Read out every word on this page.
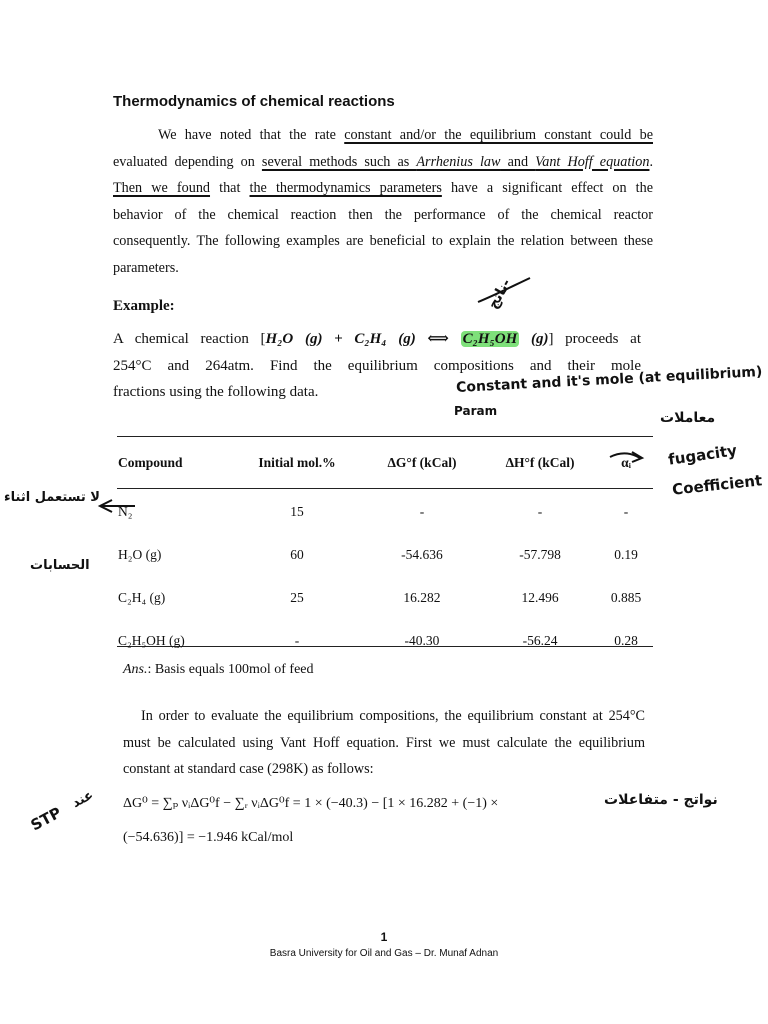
Thermodynamics of chemical reactions
We have noted that the rate constant and/or the equilibrium constant could be
evaluated depending on several methods such as Arrhenius law and Vant Hoff equation.
Then we found that the thermodynamics parameters have a significant effect on the
behavior of the chemical reaction then the performance of the chemical reactor
consequently. The following examples are beneficial to explain the relation between these
parameters.
Example:
A chemical reaction [H₂O (g) + C₂H₄ (g) ⟺ C₂H₅OH (g)] proceeds at
254°C and 264atm. Find the equilibrium compositions and their mole
fractions using the following data.
Compound	Initial mol.%	ΔG°f (kCal)	ΔH°f (kCal)	αᵢ
N₂	15	-	-	-
H₂O (g)	60	-54.636	-57.798	0.19
C₂H₄ (g)	25	16.282	12.496	0.885
C₂H₅OH (g)	-	-40.30	-56.24	0.28
Ans.: Basis equals 100mol of feed
In order to evaluate the equilibrium compositions, the equilibrium constant at 254°C
must be calculated using Vant Hoff equation. First we must calculate the equilibrium
constant at standard case (298K) as follows:
ΔG⁰ = ∑ₚ νᵢΔG⁰f − ∑ᵣ νᵢΔG⁰f = 1 × (−40.3) − [1 × 16.282 + (−1) ×
(−54.636)] = −1.946 kCal/mol
1
Basra University for Oil and Gas – Dr. Munaf Adnan
ناتج-
Constant and it's mole (at equilibrium)
Param	معاملات
fugacity
Coefficient
لا تستعمل اثناء
الحسابات
STP
عند	نواتج - متفاعلات
